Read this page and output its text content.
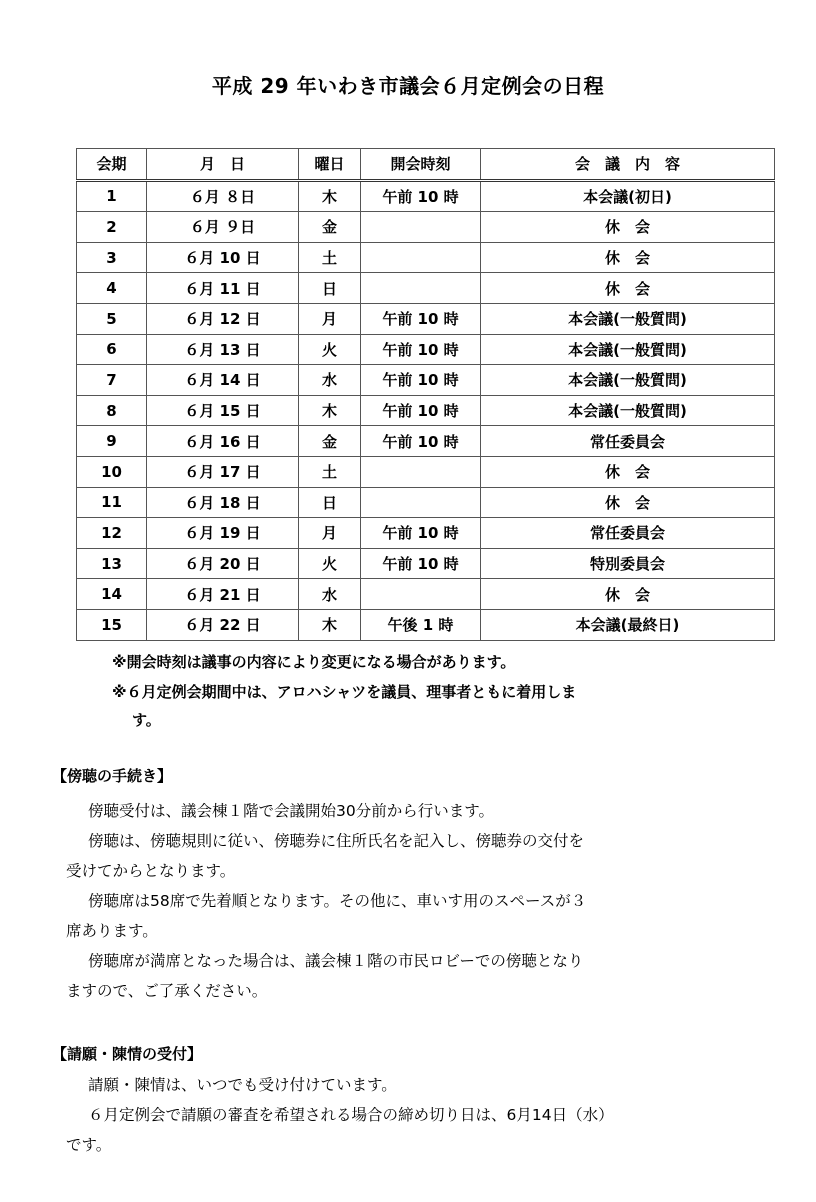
平成 29 年いわき市議会６月定例会の日程
会期	月　日	曜日	開会時刻	会　議　内　容
1	６月 ８日	木	午前 10 時	本会議(初日)
2	６月 ９日	金		休　会
3	６月 10 日	土		休　会
4	６月 11 日	日		休　会
5	６月 12 日	月	午前 10 時	本会議(一般質問)
6	６月 13 日	火	午前 10 時	本会議(一般質問)
7	６月 14 日	水	午前 10 時	本会議(一般質問)
8	６月 15 日	木	午前 10 時	本会議(一般質問)
9	６月 16 日	金	午前 10 時	常任委員会
10	６月 17 日	土		休　会
11	６月 18 日	日		休　会
12	６月 19 日	月	午前 10 時	常任委員会
13	６月 20 日	火	午前 10 時	特別委員会
14	６月 21 日	水		休　会
15	６月 22 日	木	午後 1 時	本会議(最終日)
※開会時刻は議事の内容により変更になる場合があります。
※６月定例会期間中は、アロハシャツを議員、理事者ともに着用しま
す。
【傍聴の手続き】
傍聴受付は、議会棟１階で会議開始30分前から行います。
傍聴は、傍聴規則に従い、傍聴券に住所氏名を記入し、傍聴券の交付を
受けてからとなります。
傍聴席は58席で先着順となります。その他に、車いす用のスペースが３
席あります。
傍聴席が満席となった場合は、議会棟１階の市民ロビーでの傍聴となり
ますので、ご了承ください。
【請願・陳情の受付】
請願・陳情は、いつでも受け付けています。
６月定例会で請願の審査を希望される場合の締め切り日は、6月14日（水）
です。
